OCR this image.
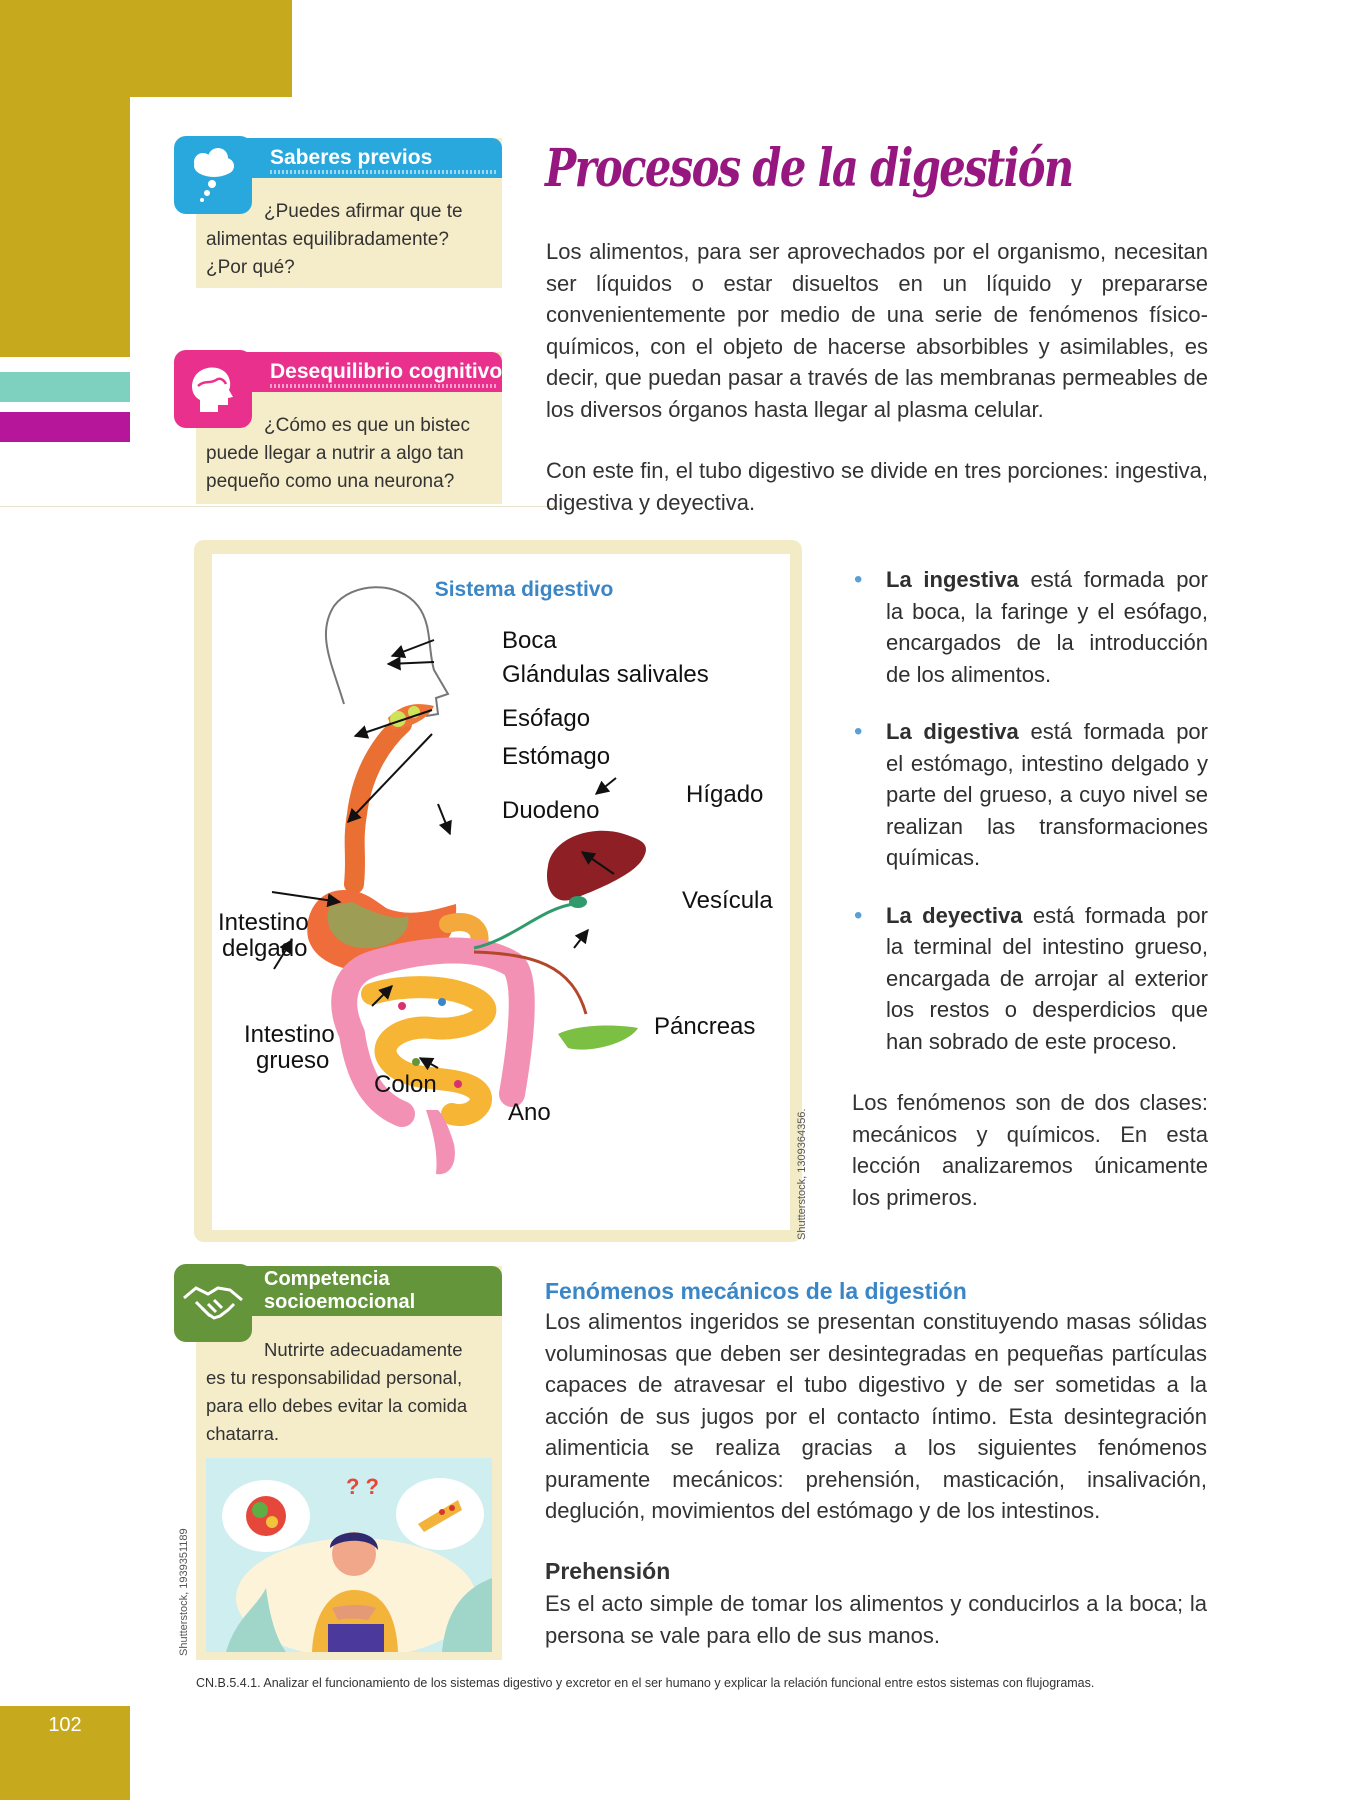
Saberes previos
¿Puedes afirmar que te
alimentas equilibradamente?
¿Por qué?
Desequilibrio cognitivo
¿Cómo es que un bistec
puede llegar a nutrir a algo tan
pequeño como una neurona?
Procesos de la digestión
Los alimentos, para ser aprovechados por el organismo, necesitan ser líquidos o estar disueltos en un líquido y prepararse convenientemente por medio de una serie de fenómenos físico-químicos, con el objeto de hacerse absorbibles y asimilables, es decir, que puedan pasar a través de las membranas permeables de los diversos órganos hasta llegar al plasma celular.
Con este fin, el tubo digestivo se divide en tres porciones: ingestiva, digestiva y deyectiva.
Sistema digestivo
Boca
Glándulas salivales
Esófago
Estómago
Duodeno
Hígado
Vesícula
Intestino
delgado
Intestino
grueso
Colon
Ano
Páncreas
Shutterstock, 1309364356.
• La ingestiva está formada por la boca, la faringe y el esófago, encargados de la introducción de los alimentos.
• La digestiva está formada por el estómago, intestino delgado y parte del grueso, a cuyo nivel se realizan las transformaciones químicas.
• La deyectiva está formada por la terminal del intestino grueso, encargada de arrojar al exterior los restos o desperdicios que han sobrado de este proceso.
Los fenómenos son de dos clases: mecánicos y químicos. En esta lección analizaremos únicamente los primeros.
Competencia
socioemocional
Nutrirte adecuadamente
es tu responsabilidad personal,
para ello debes evitar la comida
chatarra.
? ?
Shutterstock, 1939351189
Fenómenos mecánicos de la digestión
Los alimentos ingeridos se presentan constituyendo masas sólidas voluminosas que deben ser desintegradas en pequeñas partículas capaces de atravesar el tubo digestivo y de ser sometidas a la acción de sus jugos por el contacto íntimo. Esta desintegración alimenticia se realiza gracias a los siguientes fenómenos puramente mecánicos: prehensión, masticación, insalivación, deglución, movimientos del estómago y de los intestinos.
Prehensión
Es el acto simple de tomar los alimentos y conducirlos a la boca; la persona se vale para ello de sus manos.
CN.B.5.4.1. Analizar el funcionamiento de los sistemas digestivo y excretor en el ser humano y explicar la relación funcional entre estos sistemas con flujogramas.
102
